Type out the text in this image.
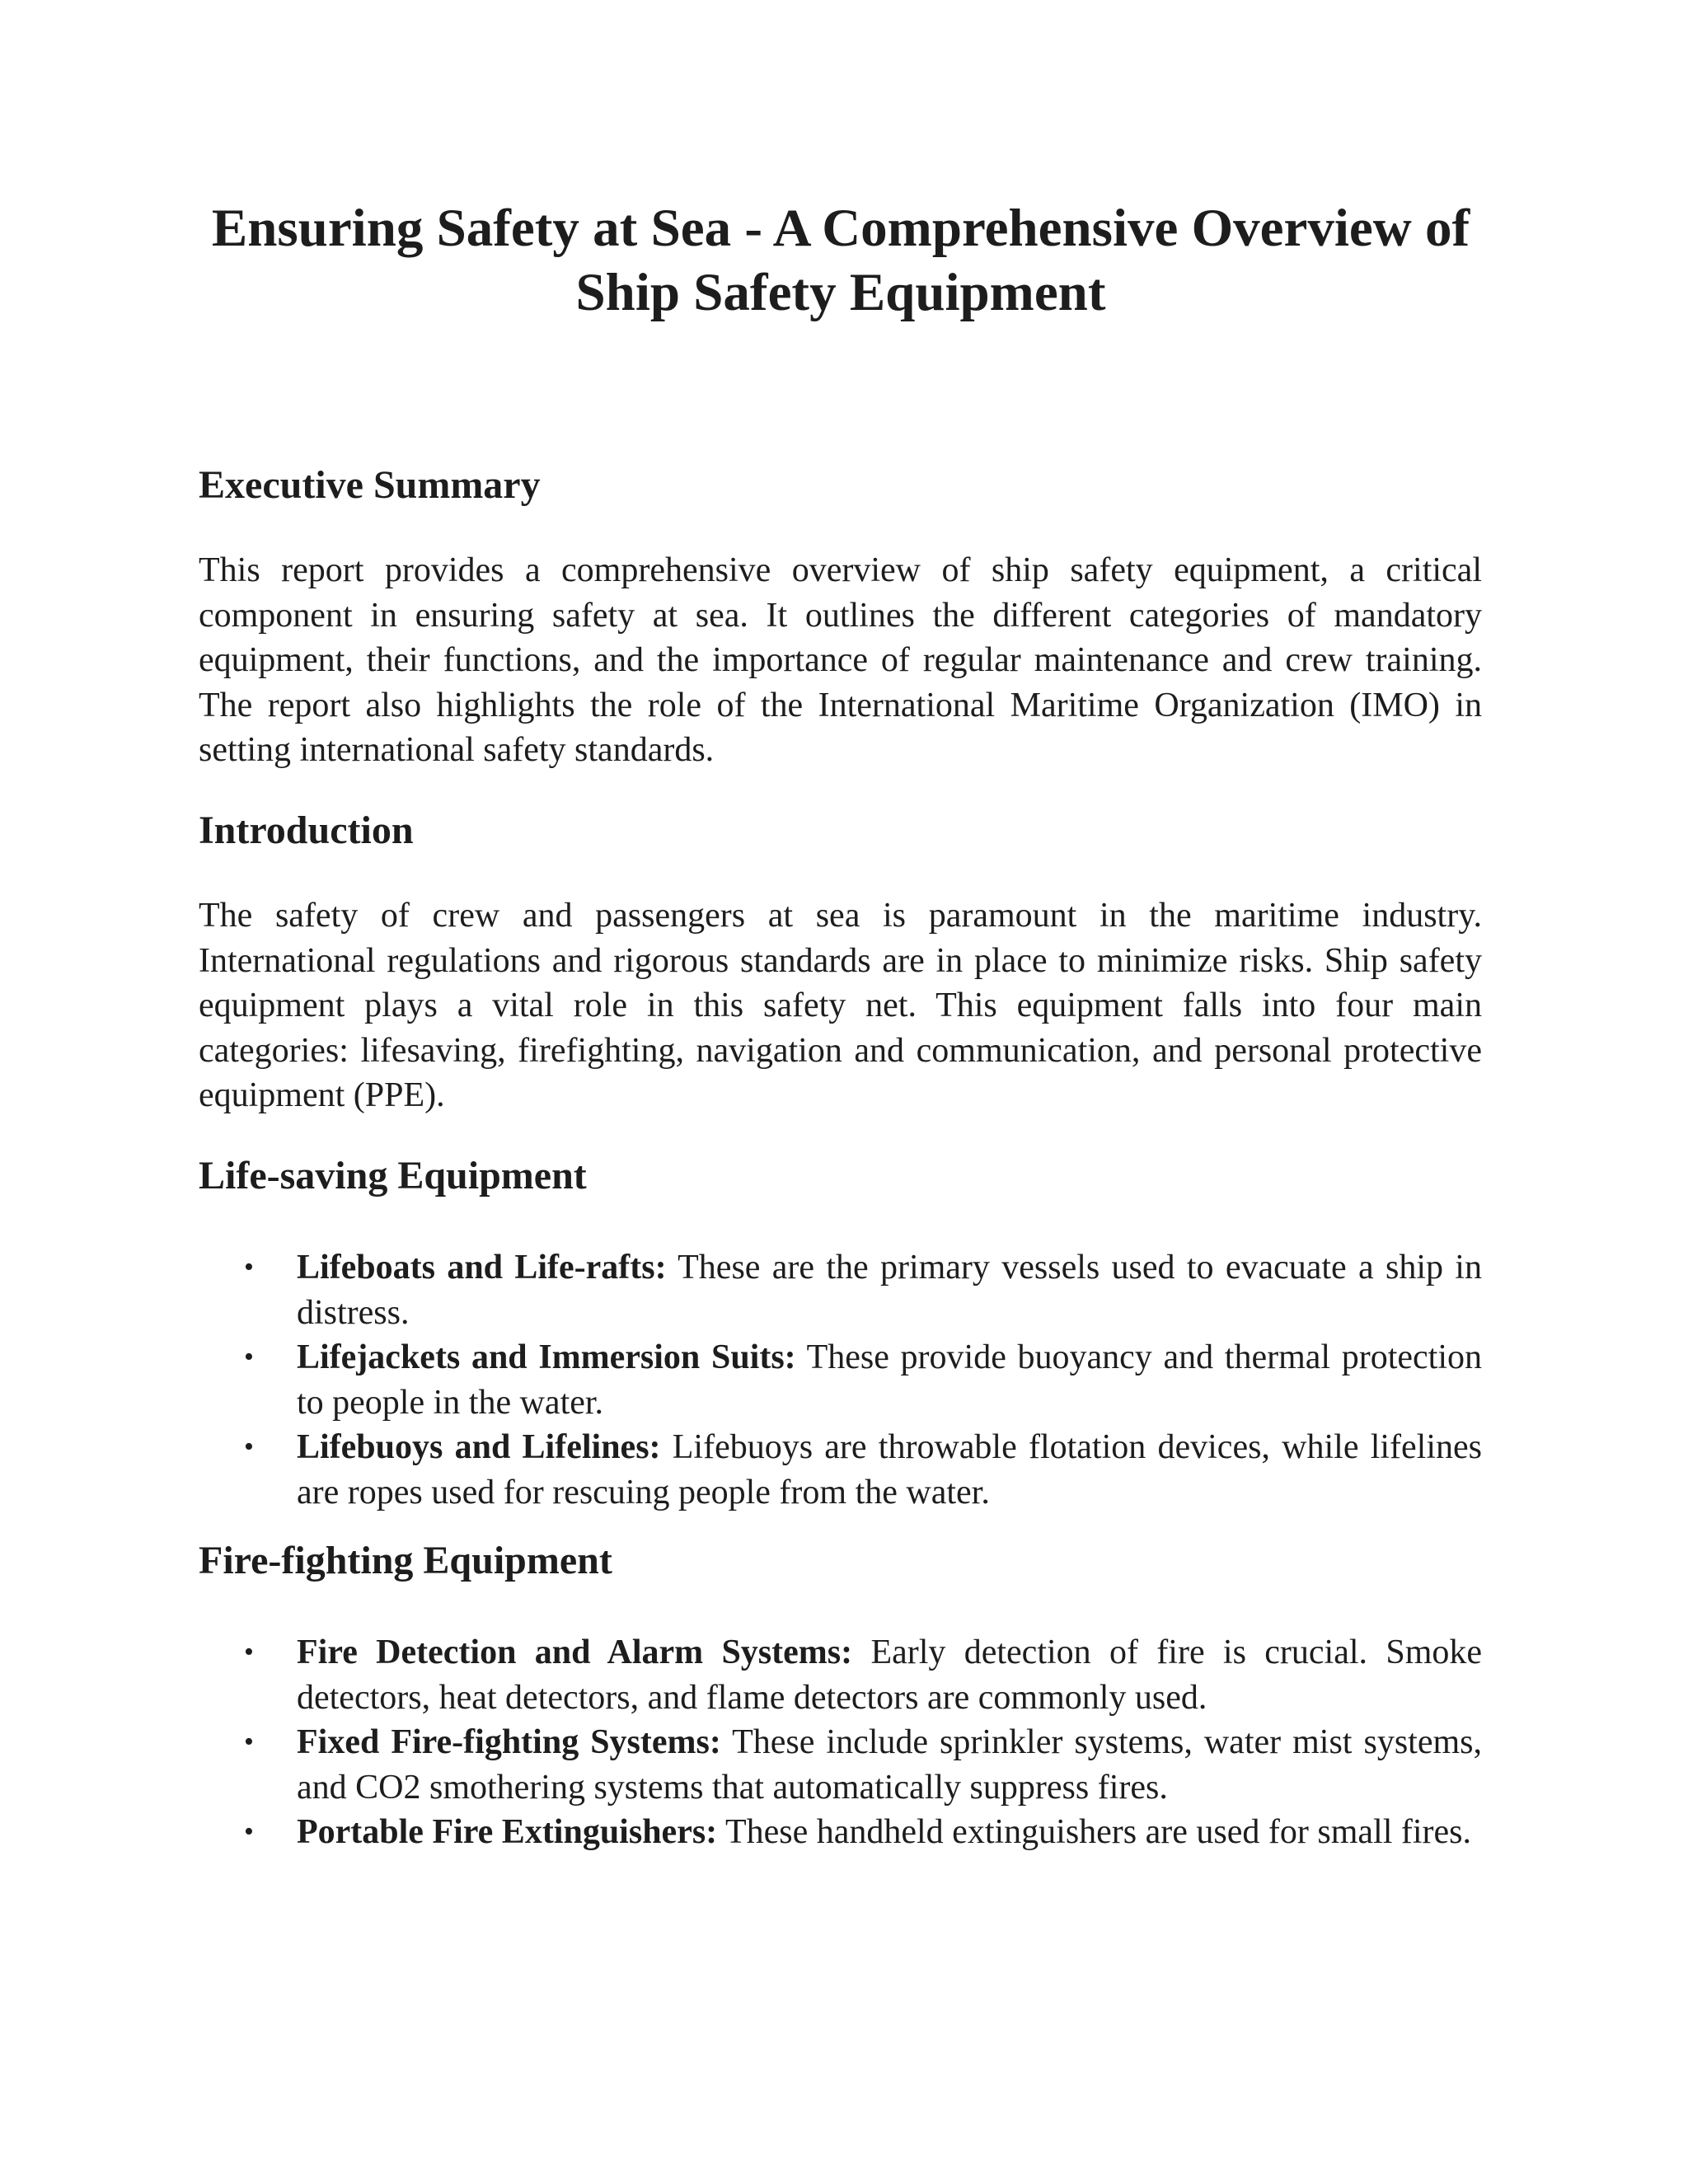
Ensuring Safety at Sea - A Comprehensive Overview of Ship Safety Equipment
Executive Summary

This report provides a comprehensive overview of ship safety equipment, a critical component in ensuring safety at sea. It outlines the different categories of mandatory equipment, their functions, and the importance of regular maintenance and crew training. The report also highlights the role of the International Maritime Organization (IMO) in setting international safety standards.

Introduction

The safety of crew and passengers at sea is paramount in the maritime industry. International regulations and rigorous standards are in place to minimize risks. Ship safety equipment plays a vital role in this safety net. This equipment falls into four main categories: lifesaving, firefighting, navigation and communication, and personal protective equipment (PPE).

Life-saving Equipment
• Lifeboats and Life-rafts: These are the primary vessels used to evacuate a ship in distress.
• Lifejackets and Immersion Suits: These provide buoyancy and thermal protection to people in the water.
• Lifebuoys and Lifelines: Lifebuoys are throwable flotation devices, while lifelines are ropes used for rescuing people from the water.
Fire-fighting Equipment
• Fire Detection and Alarm Systems: Early detection of fire is crucial. Smoke detectors, heat detectors, and flame detectors are commonly used.
• Fixed Fire-fighting Systems: These include sprinkler systems, water mist systems, and CO2 smothering systems that automatically suppress fires.
• Portable Fire Extinguishers: These handheld extinguishers are used for small fires.
